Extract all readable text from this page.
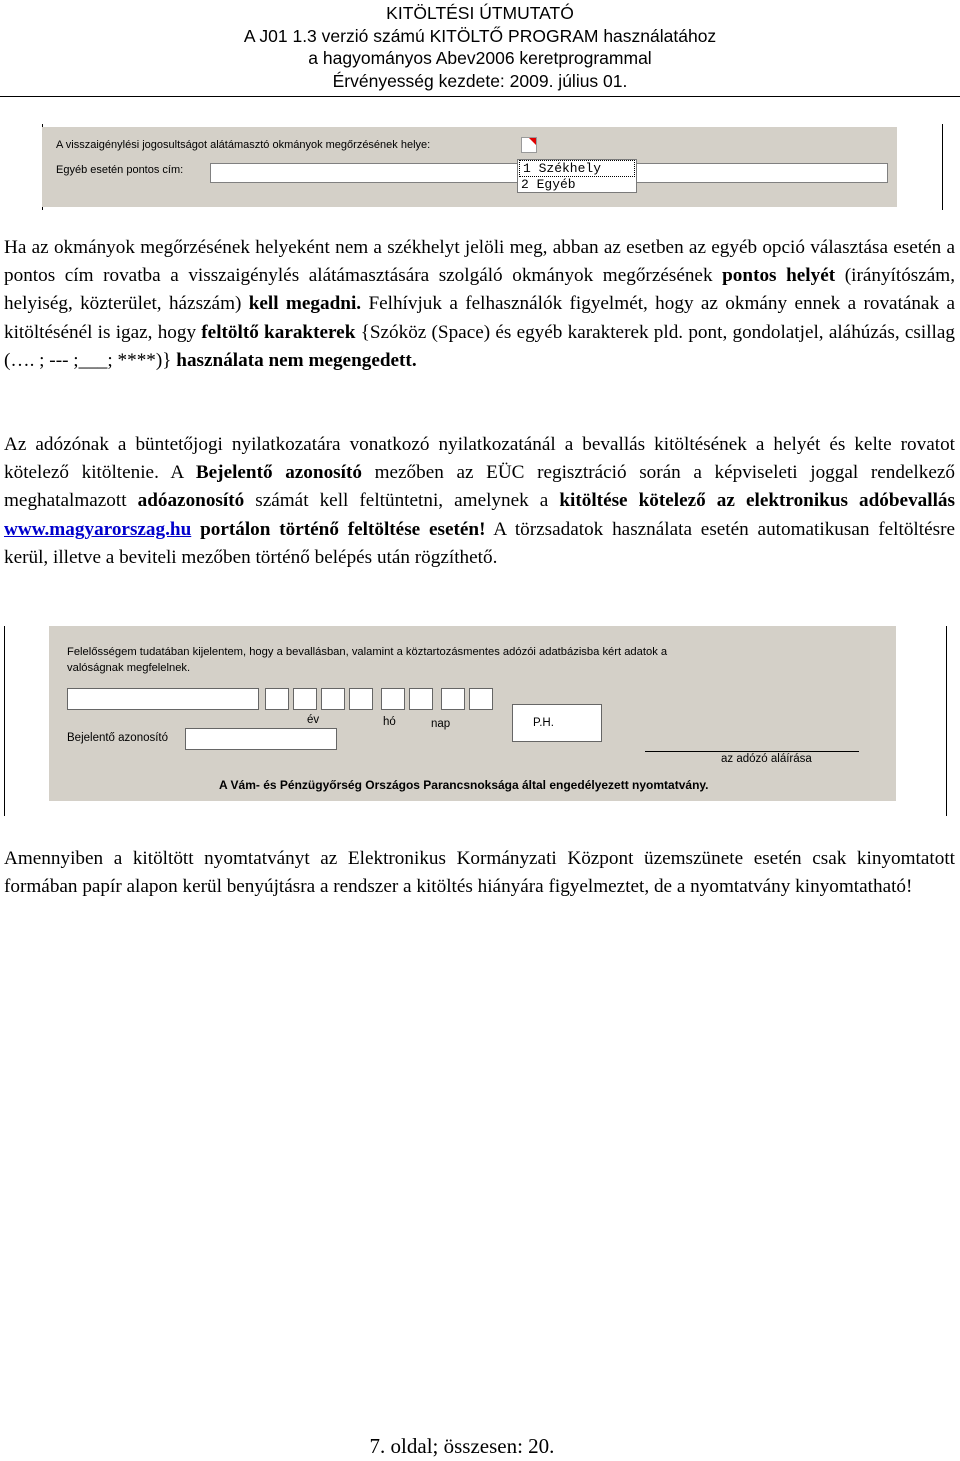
KITÖLTÉSI ÚTMUTATÓ
A J01 1.3 verzió számú KITÖLTŐ PROGRAM használatához
a hagyományos Abev2006 keretprogrammal
Érvényesség kezdete: 2009. július 01.
A visszaigénylési jogosultságot alátámasztó okmányok megőrzésének helye:
Egyéb esetén pontos cím:	1 Székhely
2 Egyéb

Ha az okmányok megőrzésének helyeként nem a székhelyt jelöli meg, abban az esetben az egyéb opció választása esetén a pontos cím rovatba a visszaigénylés alátámasztására szolgáló okmányok megőrzésének pontos helyét (irányítószám, helyiség, közterület, házszám) kell megadni. Felhívjuk a felhasználók figyelmét, hogy az okmány ennek a rovatának a kitöltésénél is igaz, hogy feltöltő karakterek {Szóköz (Space) és egyéb karakterek pld. pont, gondolatjel, aláhúzás, csillag (…. ; --- ;___; ****)} használata nem megengedett.

Az adózónak a büntetőjogi nyilatkozatára vonatkozó nyilatkozatánál a bevallás kitöltésének a helyét és kelte rovatot kötelező kitöltenie. A Bejelentő azonosító mezőben az EÜC regisztráció során a képviseleti joggal rendelkező meghatalmazott adóazonosító számát kell feltüntetni, amelynek a kitöltése kötelező az elektronikus adóbevallás www.magyarorszag.hu portálon történő feltöltése esetén! A törzsadatok használata esetén automatikusan feltöltésre kerül, illetve a beviteli mezőben történő belépés után rögzíthető.

Felelősségem tudatában kijelentem, hogy a bevallásban, valamint a köztartozásmentes adózói adatbázisba kért adatok a valóságnak megfelelnek.
év	hó	nap	P.H.
az adózó aláírása
Bejelentő azonosító
A Vám- és Pénzügyőrség Országos Parancsnoksága által engedélyezett nyomtatvány.

Amennyiben a kitöltött nyomtatványt az Elektronikus Kormányzati Központ üzemszünete esetén csak kinyomtatott formában papír alapon kerül benyújtásra a rendszer a kitöltés hiányára figyelmeztet, de a nyomtatvány kinyomtatható!

7. oldal; összesen: 20.
